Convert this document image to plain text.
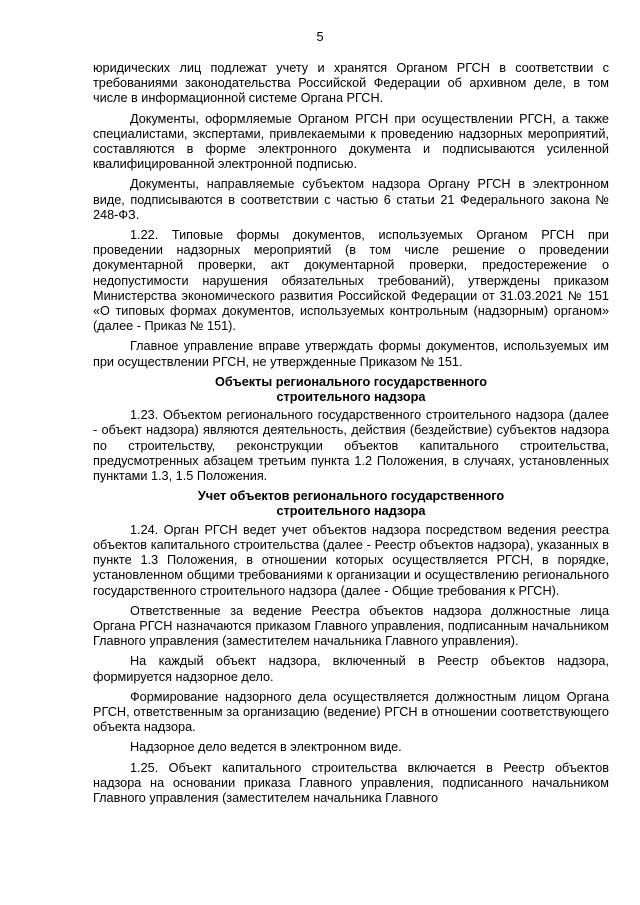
5

юридических лиц подлежат учету и хранятся Органом РГСН в соответствии с требованиями законодательства Российской Федерации об архивном деле, в том числе в информационной системе Органа РГСН.

Документы, оформляемые Органом РГСН при осуществлении РГСН, а также специалистами, экспертами, привлекаемыми к проведению надзорных мероприятий, составляются в форме электронного документа и подписываются усиленной квалифицированной электронной подписью.

Документы, направляемые субъектом надзора Органу РГСН в электронном виде, подписываются в соответствии с частью 6 статьи 21 Федерального закона № 248-ФЗ.

1.22. Типовые формы документов, используемых Органом РГСН при проведении надзорных мероприятий (в том числе решение о проведении документарной проверки, акт документарной проверки, предостережение о недопустимости нарушения обязательных требований), утверждены приказом Министерства экономического развития Российской Федерации от 31.03.2021 № 151 «О типовых формах документов, используемых контрольным (надзорным) органом» (далее - Приказ № 151).

Главное управление вправе утверждать формы документов, используемых им при осуществлении РГСН, не утвержденные Приказом № 151.

Объекты регионального государственного
строительного надзора

1.23. Объектом регионального государственного строительного надзора (далее - объект надзора) являются деятельность, действия (бездействие) субъектов надзора по строительству, реконструкции объектов капитального строительства, предусмотренных абзацем третьим пункта 1.2 Положения, в случаях, установленных пунктами 1.3, 1.5 Положения.

Учет объектов регионального государственного
строительного надзора

1.24. Орган РГСН ведет учет объектов надзора посредством ведения реестра объектов капитального строительства (далее - Реестр объектов надзора), указанных в пункте 1.3 Положения, в отношении которых осуществляется РГСН, в порядке, установленном общими требованиями к организации и осуществлению регионального государственного строительного надзора (далее - Общие требования к РГСН).

Ответственные за ведение Реестра объектов надзора должностные лица Органа РГСН назначаются приказом Главного управления, подписанным начальником Главного управления (заместителем начальника Главного управления).

На каждый объект надзора, включенный в Реестр объектов надзора, формируется надзорное дело.

Формирование надзорного дела осуществляется должностным лицом Органа РГСН, ответственным за организацию (ведение) РГСН в отношении соответствующего объекта надзора.

Надзорное дело ведется в электронном виде.

1.25. Объект капитального строительства включается в Реестр объектов надзора на основании приказа Главного управления, подписанного начальником Главного управления (заместителем начальника Главного
